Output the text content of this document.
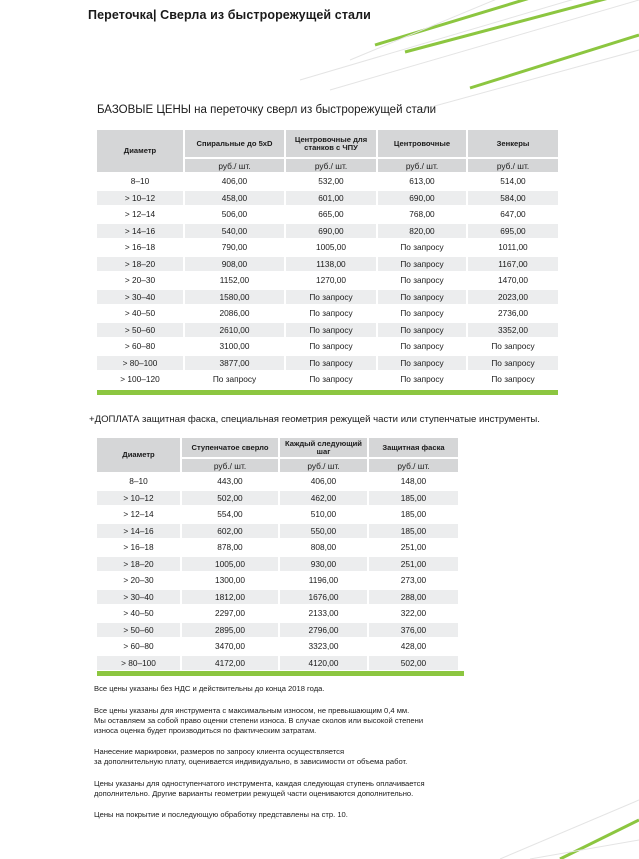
Переточка| Сверла из быстрорежущей стали
БАЗОВЫЕ ЦЕНЫ на переточку сверл из быстрорежущей стали
Диаметр	Спиральные до 5xD	Центровочные для станков с ЧПУ	Центровочные	Зенкеры
	руб./ шт.	руб./ шт.	руб./ шт.	руб./ шт.
8–10	406,00	532,00	613,00	514,00
> 10–12	458,00	601,00	690,00	584,00
> 12–14	506,00	665,00	768,00	647,00
> 14–16	540,00	690,00	820,00	695,00
> 16–18	790,00	1005,00	По запросу	1011,00
> 18–20	908,00	1138,00	По запросу	1167,00
> 20–30	1152,00	1270,00	По запросу	1470,00
> 30–40	1580,00	По запросу	По запросу	2023,00
> 40–50	2086,00	По запросу	По запросу	2736,00
> 50–60	2610,00	По запросу	По запросу	3352,00
> 60–80	3100,00	По запросу	По запросу	По запросу
> 80–100	3877,00	По запросу	По запросу	По запросу
> 100–120	По запросу	По запросу	По запросу	По запросу
+ДОПЛАТА защитная фаска, специальная геометрия режущей части или ступенчатые инструменты.
Диаметр	Ступенчатое сверло	Каждый следующий шаг	Защитная фаска
	руб./ шт.	руб./ шт.	руб./ шт.
8–10	443,00	406,00	148,00
> 10–12	502,00	462,00	185,00
> 12–14	554,00	510,00	185,00
> 14–16	602,00	550,00	185,00
> 16–18	878,00	808,00	251,00
> 18–20	1005,00	930,00	251,00
> 20–30	1300,00	1196,00	273,00
> 30–40	1812,00	1676,00	288,00
> 40–50	2297,00	2133,00	322,00
> 50–60	2895,00	2796,00	376,00
> 60–80	3470,00	3323,00	428,00
> 80–100	4172,00	4120,00	502,00

Все цены указаны без НДС и действительны до конца 2018 года.

Все цены указаны для инструмента с максимальным износом, не превышающим 0,4 мм.
Мы оставляем за собой право оценки степени износа. В случае сколов или высокой степени
износа оценка будет производиться по фактическим затратам.

Нанесение маркировки, размеров по запросу клиента осуществляется
за дополнительную плату, оценивается индивидуально, в зависимости от объема работ.

Цены указаны для одноступенчатого инструмента, каждая следующая ступень оплачивается
дополнительно. Другие варианты геометрии режущей части оцениваются дополнительно.

Цены на покрытие и последующую обработку представлены на стр. 10.
